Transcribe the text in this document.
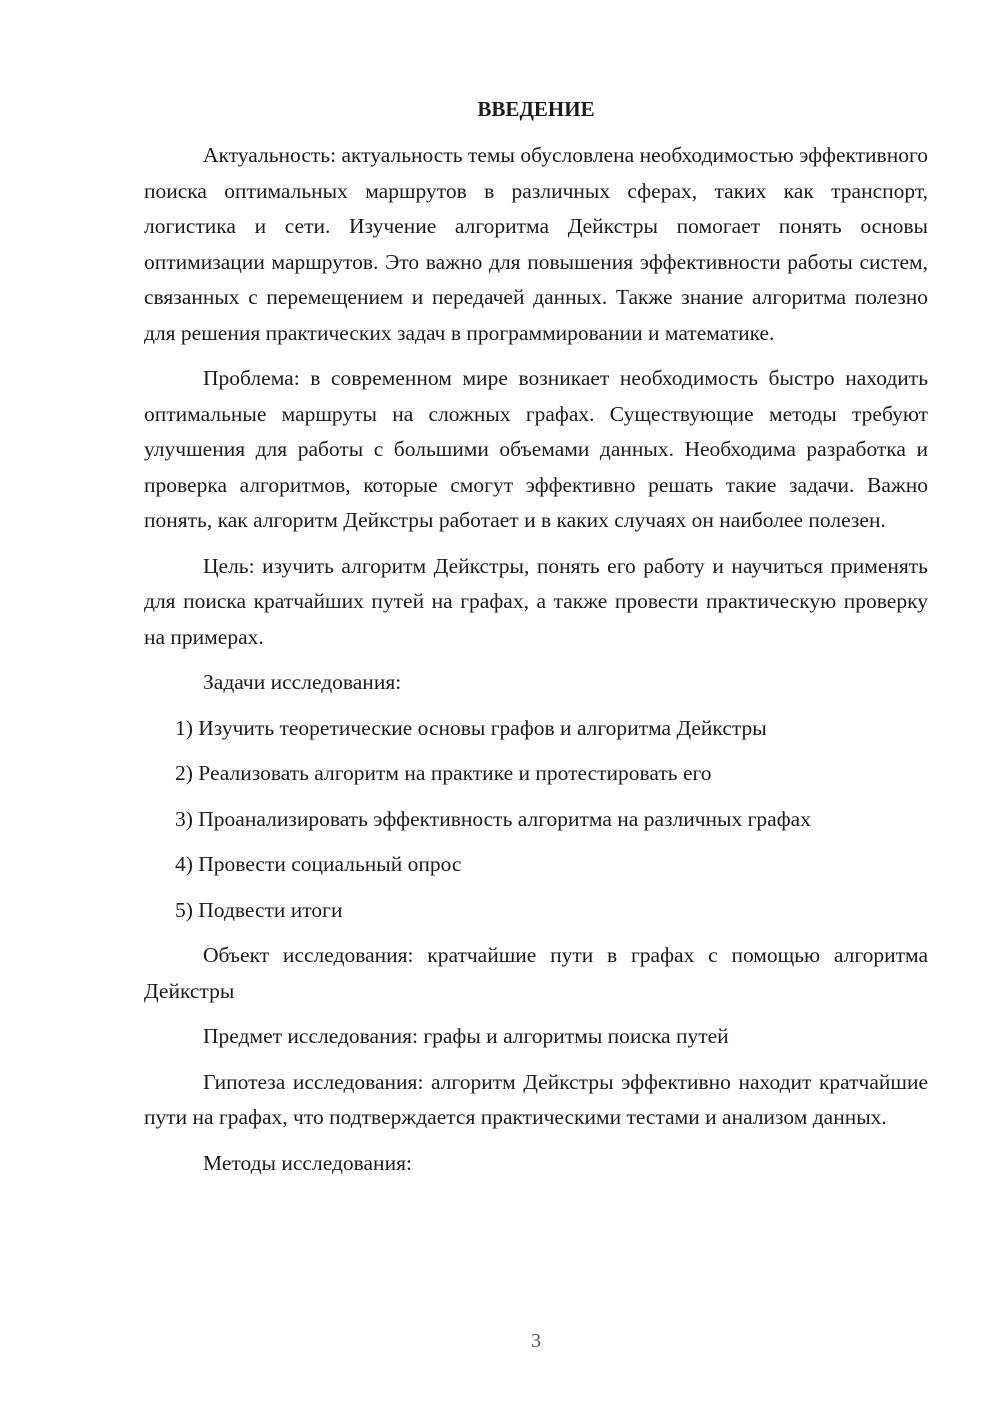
ВВЕДЕНИЕ

Актуальность: актуальность темы обусловлена необходимостью эффективного поиска оптимальных маршрутов в различных сферах, таких как транспорт, логистика и сети. Изучение алгоритма Дейкстры помогает понять основы оптимизации маршрутов. Это важно для повышения эффективности работы систем, связанных с перемещением и передачей данных. Также знание алгоритма полезно для решения практических задач в программировании и математике.

Проблема: в современном мире возникает необходимость быстро находить оптимальные маршруты на сложных графах. Существующие методы требуют улучшения для работы с большими объемами данных. Необходима разработка и проверка алгоритмов, которые смогут эффективно решать такие задачи. Важно понять, как алгоритм Дейкстры работает и в каких случаях он наиболее полезен.

Цель: изучить алгоритм Дейкстры, понять его работу и научиться применять для поиска кратчайших путей на графах, а также провести практическую проверку на примерах.

Задачи исследования:

1) Изучить теоретические основы графов и алгоритма Дейкстры
2) Реализовать алгоритм на практике и протестировать его
3) Проанализировать эффективность алгоритма на различных графах
4) Провести социальный опрос
5) Подвести итоги

Объект исследования: кратчайшие пути в графах с помощью алгоритма Дейкстры

Предмет исследования: графы и алгоритмы поиска путей

Гипотеза исследования: алгоритм Дейкстры эффективно находит кратчайшие пути на графах, что подтверждается практическими тестами и анализом данных.

Методы исследования:

3
